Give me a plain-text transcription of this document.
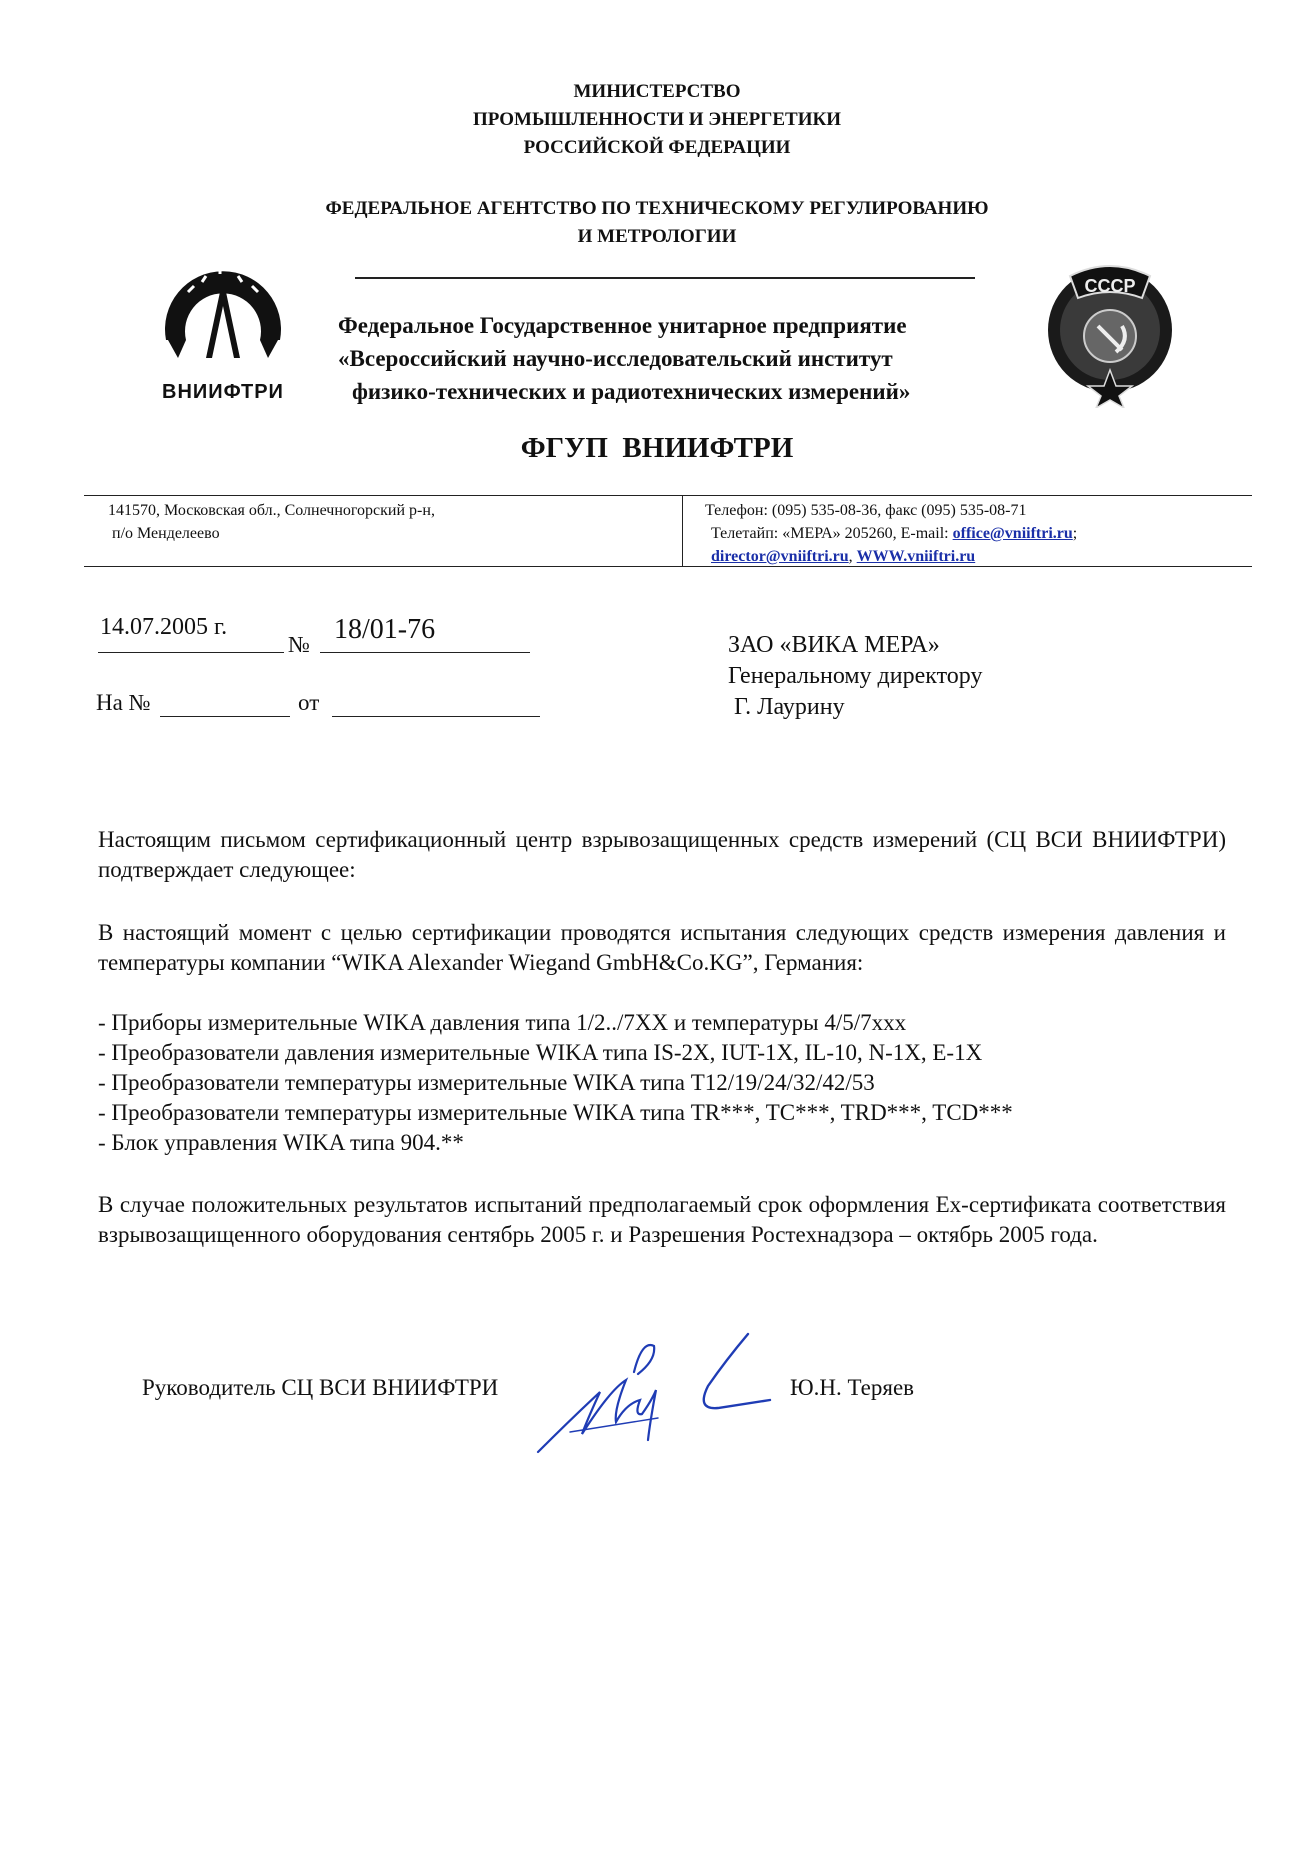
МИНИСТЕРСТВО
ПРОМЫШЛЕННОСТИ И ЭНЕРГЕТИКИ
РОССИЙСКОЙ ФЕДЕРАЦИИ
ФЕДЕРАЛЬНОЕ АГЕНТСТВО ПО ТЕХНИЧЕСКОМУ РЕГУЛИРОВАНИЮ
И МЕТРОЛОГИИ
ВНИИФТРИ
СССР
Федеральное Государственное унитарное предприятие
«Всероссийский научно-исследовательский институт
физико-технических и радиотехнических измерений»
ФГУП  ВНИИФТРИ
141570, Московская обл., Солнечногорский р-н,
п/о Менделеево
Телефон: (095) 535-08-36, факс (095) 535-08-71
Телетайп: «МЕРА» 205260, E-mail: office@vniiftri.ru;
director@vniiftri.ru, WWW.vniiftri.ru
14.07.2005 г.
№ 18/01-76
На №	от
ЗАО «ВИКА МЕРА»
Генеральному директору
Г. Лаурину
Настоящим письмом сертификационный центр взрывозащищенных средств измерений (СЦ ВСИ ВНИИФТРИ) подтверждает следующее:
В настоящий момент с целью сертификации проводятся испытания следующих средств измерения давления и температуры компании “WIKA Alexander Wiegand GmbH&Co.KG”, Германия:
- Приборы измерительные WIKA давления типа 1/2../7XX и температуры 4/5/7xxx
- Преобразователи давления измерительные WIKA типа IS-2X, IUT-1X, IL-10, N-1X, E-1X
- Преобразователи температуры измерительные WIKA типа T12/19/24/32/42/53
- Преобразователи температуры измерительные WIKA типа TR***, TC***, TRD***, TCD***
- Блок управления WIKA типа 904.**
В случае положительных результатов испытаний предполагаемый срок оформления Ех-сертификата соответствия взрывозащищенного оборудования сентябрь 2005 г. и Разрешения Ростехнадзора – октябрь 2005 года.
Руководитель СЦ ВСИ ВНИИФТРИ	Ю.Н. Теряев
